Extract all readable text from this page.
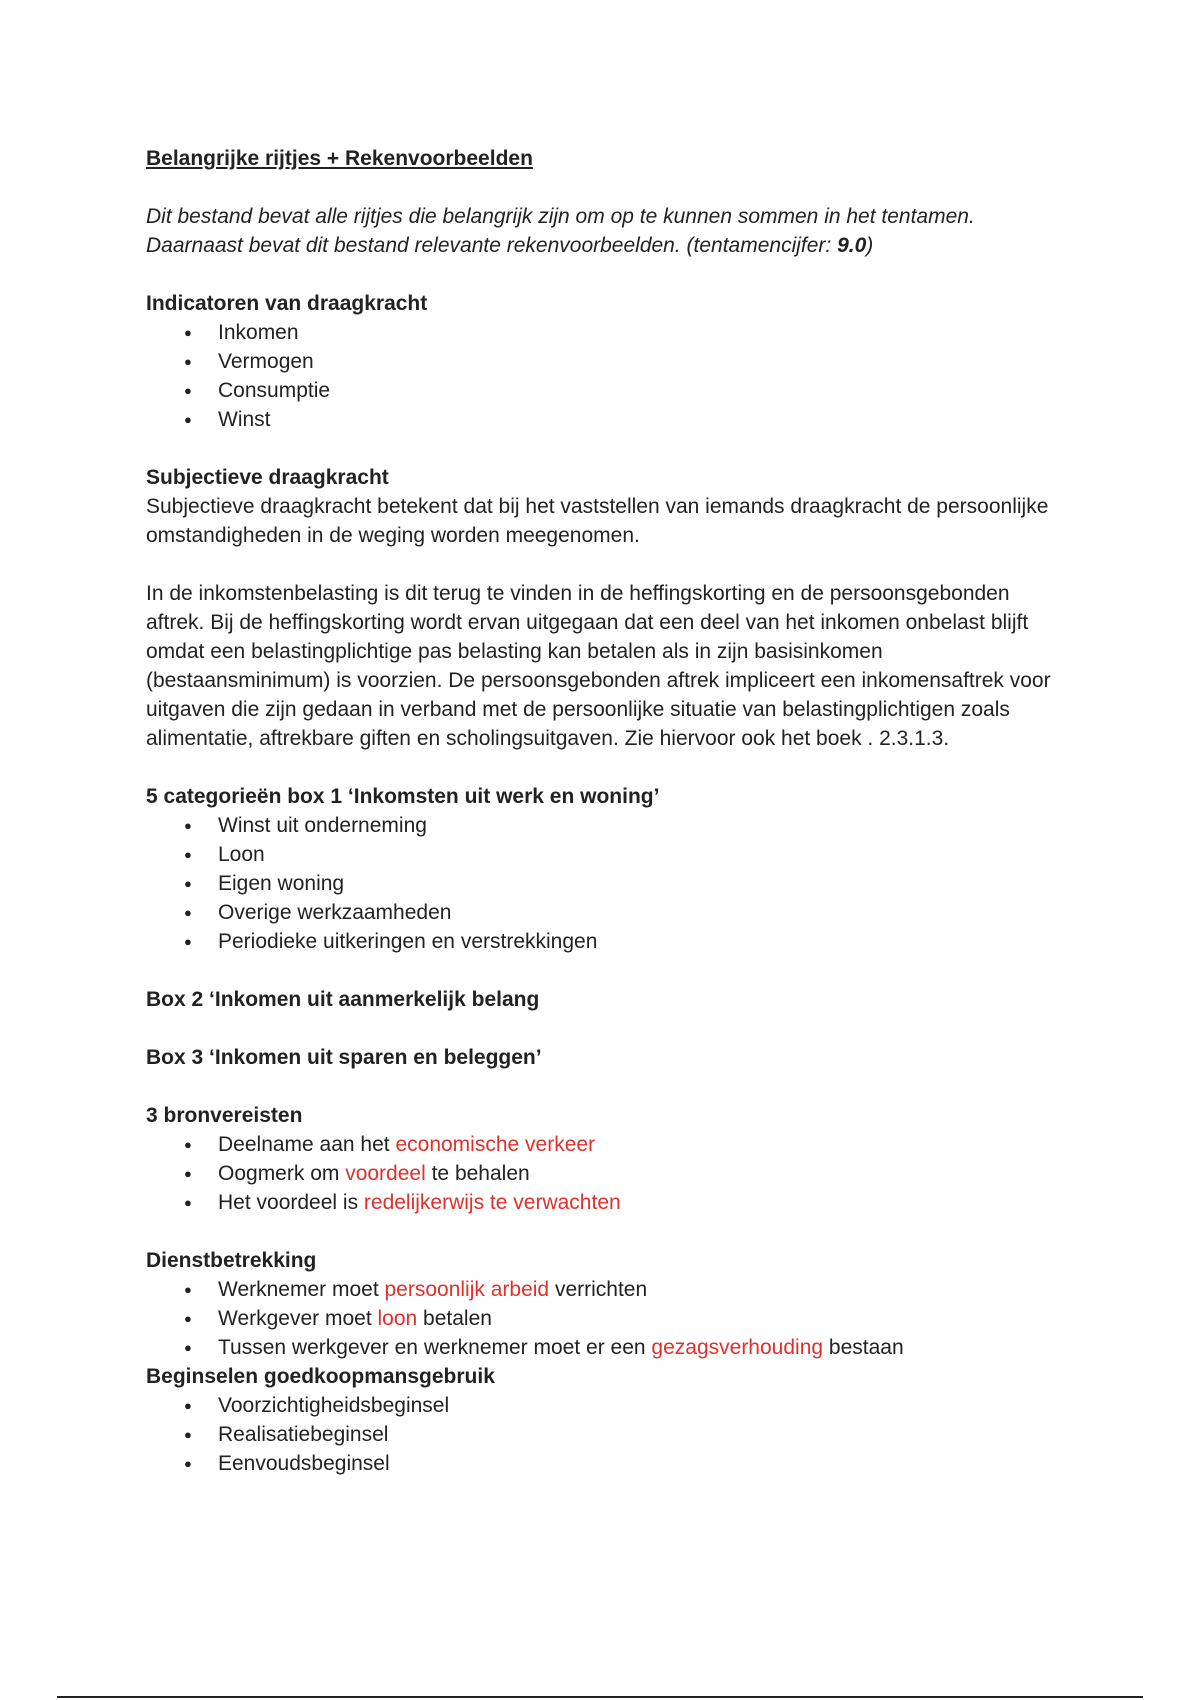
Belangrijke rijtjes + Rekenvoorbeelden

Dit bestand bevat alle rijtjes die belangrijk zijn om op te kunnen sommen in het tentamen.
Daarnaast bevat dit bestand relevante rekenvoorbeelden. (tentamencijfer: 9.0)

Indicatoren van draagkracht

● Inkomen
● Vermogen
● Consumptie
● Winst

Subjectieve draagkracht

Subjectieve draagkracht betekent dat bij het vaststellen van iemands draagkracht de persoonlijke omstandigheden in de weging worden meegenomen.

In de inkomstenbelasting is dit terug te vinden in de heffingskorting en de persoonsgebonden aftrek. Bij de heffingskorting wordt ervan uitgegaan dat een deel van het inkomen onbelast blijft omdat een belastingplichtige pas belasting kan betalen als in zijn basisinkomen (bestaansminimum) is voorzien. De persoonsgebonden aftrek impliceert een inkomensaftrek voor uitgaven die zijn gedaan in verband met de persoonlijke situatie van belastingplichtigen zoals alimentatie, aftrekbare giften en scholingsuitgaven. Zie hiervoor ook het boek . 2.3.1.3.

5 categorieën box 1 ‘Inkomsten uit werk en woning’

● Winst uit onderneming
● Loon
● Eigen woning
● Overige werkzaamheden
● Periodieke uitkeringen en verstrekkingen

Box 2 ‘Inkomen uit aanmerkelijk belang

Box 3 ‘Inkomen uit sparen en beleggen’

3 bronvereisten

● Deelname aan het economische verkeer
● Oogmerk om voordeel te behalen
● Het voordeel is redelijkerwijs te verwachten

Dienstbetrekking

● Werknemer moet persoonlijk arbeid verrichten
● Werkgever moet loon betalen
● Tussen werkgever en werknemer moet er een gezagsverhouding bestaan

Beginselen goedkoopmansgebruik

● Voorzichtigheidsbeginsel
● Realisatiebeginsel
● Eenvoudsbeginsel
